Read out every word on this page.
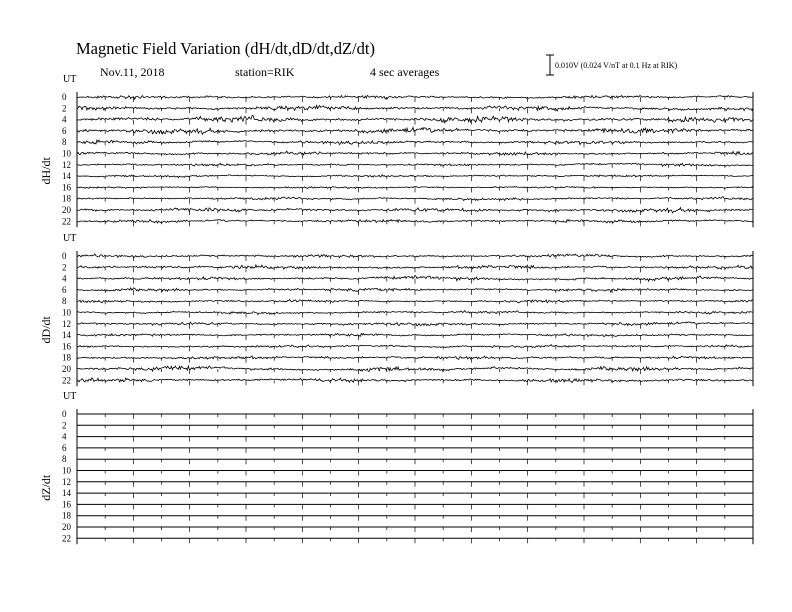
Magnetic Field Variation (dH/dt,dD/dt,dZ/dt)
Nov.11, 2018	station=RIK	4 sec averages	0.010V (0.024 V/nT at 0.1 Hz at RIK)
UT
dH/dt
0
2
4
6
8
10
12
14
16
18
20
22
UT
dD/dt
0
2
4
6
8
10
12
14
16
18
20
22
UT
dZ/dt
0
2
4
6
8
10
12
14
16
18
20
22
